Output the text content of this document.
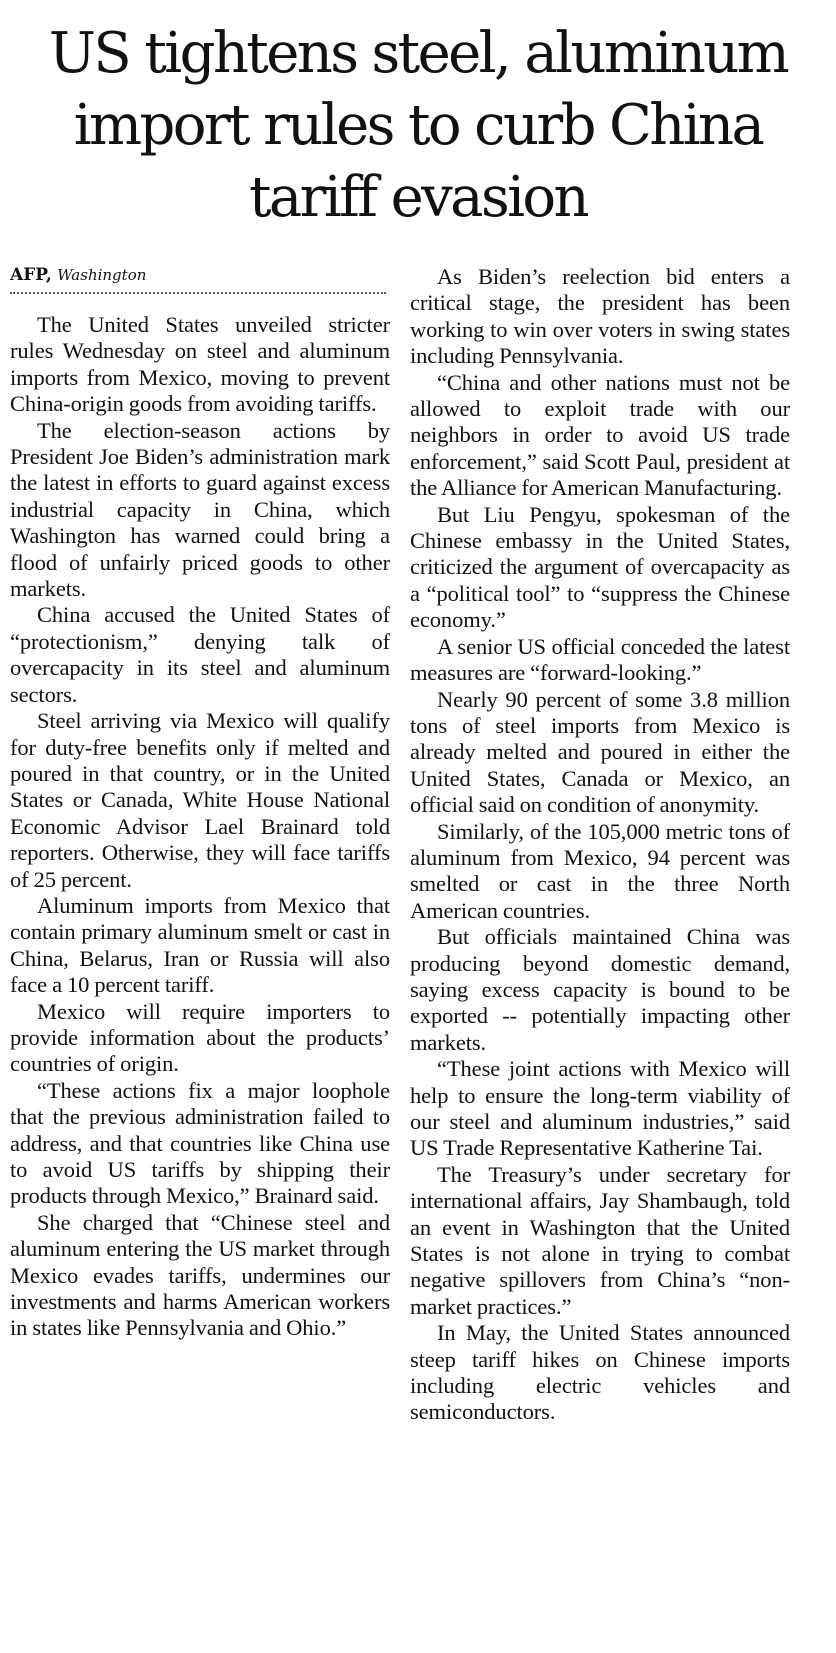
US tightens steel, aluminum import rules to curb China tariff evasion

AFP, Washington

The United States unveiled stricter rules Wednesday on steel and aluminum imports from Mexico, moving to prevent China-origin goods from avoiding tariffs.

The election-season actions by President Joe Biden’s administration mark the latest in efforts to guard against excess industrial capacity in China, which Washington has warned could bring a flood of unfairly priced goods to other markets.

China accused the United States of “protectionism,” denying talk of overcapacity in its steel and aluminum sectors.

Steel arriving via Mexico will qualify for duty-free benefits only if melted and poured in that country, or in the United States or Canada, White House National Economic Advisor Lael Brainard told reporters. Otherwise, they will face tariffs of 25 percent.

Aluminum imports from Mexico that contain primary aluminum smelt or cast in China, Belarus, Iran or Russia will also face a 10 percent tariff.

Mexico will require importers to provide information about the products’ countries of origin.

“These actions fix a major loophole that the previous administration failed to address, and that countries like China use to avoid US tariffs by shipping their products through Mexico,” Brainard said.

She charged that “Chinese steel and aluminum entering the US market through Mexico evades tariffs, undermines our investments and harms American workers in states like Pennsylvania and Ohio.”

As Biden’s reelection bid enters a critical stage, the president has been working to win over voters in swing states including Pennsylvania.

“China and other nations must not be allowed to exploit trade with our neighbors in order to avoid US trade enforcement,” said Scott Paul, president at the Alliance for American Manufacturing.

But Liu Pengyu, spokesman of the Chinese embassy in the United States, criticized the argument of overcapacity as a “political tool” to “suppress the Chinese economy.”

A senior US official conceded the latest measures are “forward-looking.”

Nearly 90 percent of some 3.8 million tons of steel imports from Mexico is already melted and poured in either the United States, Canada or Mexico, an official said on condition of anonymity.

Similarly, of the 105,000 metric tons of aluminum from Mexico, 94 percent was smelted or cast in the three North American countries.

But officials maintained China was producing beyond domestic demand, saying excess capacity is bound to be exported -- potentially impacting other markets.

“These joint actions with Mexico will help to ensure the long-term viability of our steel and aluminum industries,” said US Trade Representative Katherine Tai.

The Treasury’s under secretary for international affairs, Jay Shambaugh, told an event in Washington that the United States is not alone in trying to combat negative spillovers from China’s “non-market practices.”

In May, the United States announced steep tariff hikes on Chinese imports including electric vehicles and semiconductors.
